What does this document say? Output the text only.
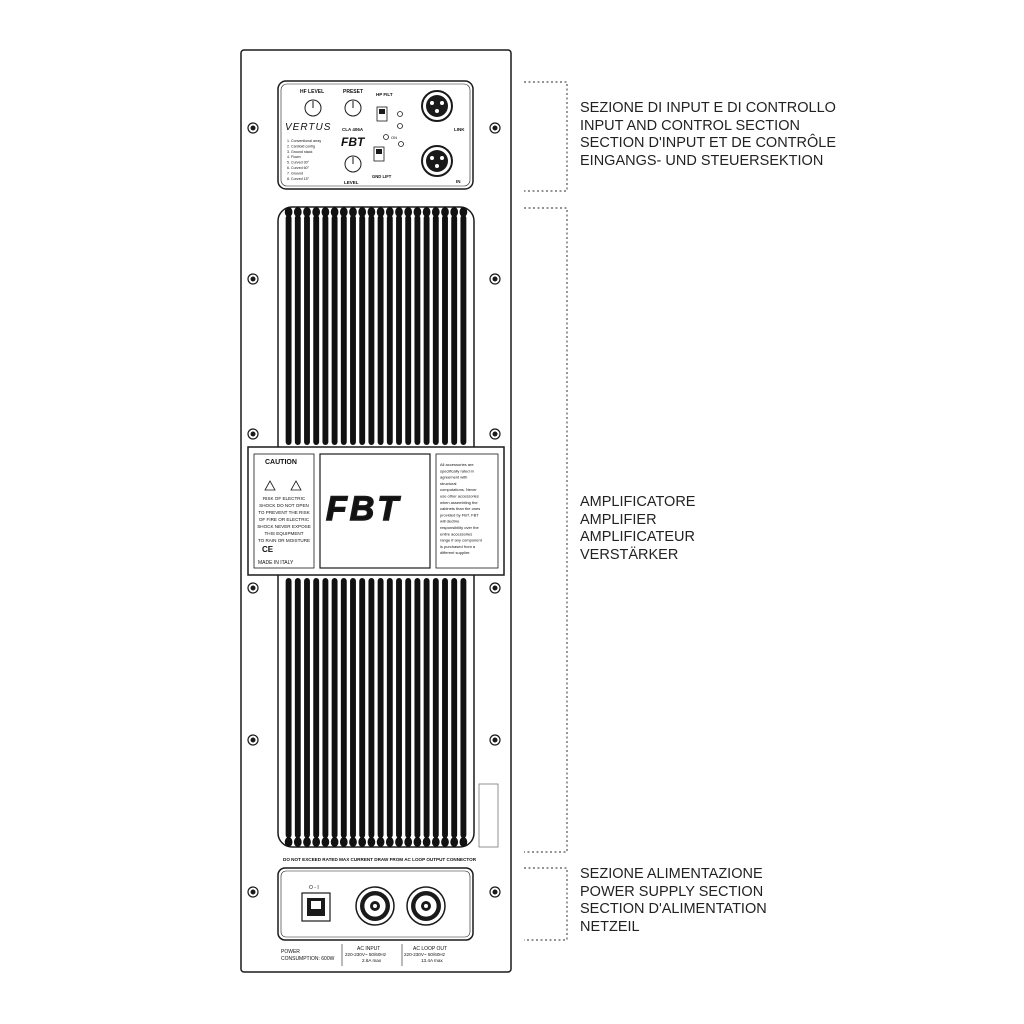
HF LEVEL	PRESET
VERTUS CLA 406A
FBT
1. Conventional array
2. Cardioid config
3. Ground stack
4. Flown
5. Curved 30°
6. Curved 60°
7. Ground
8. Curved 15°
LEVEL
HP FILT
ON
GND LIFT
LINK
IN
CAUTION
RISK OF ELECTRIC
SHOCK DO NOT OPEN
TO PREVENT THE RISK
OF FIRE OR ELECTRIC
SHOCK NEVER EXPOSE
THIS EQUIPMENT
TO RAIN OR MOISTURE
CE
MADE IN ITALY
FBT
All accessories are
specifically rated in
agreement with
structural
computations. Never
use other accessories
when assembling the
cabinets than the ones
provided by FBT. FBT
will decline
responsibility over the
entire accessories
range if any component
is purchased from a
different supplier.
DO NOT EXCEED RATED MAX CURRENT DRAW FROM AC LOOP OUTPUT CONNECTOR
O - I
POWER
CONSUMPTION: 600W
AC INPUT
220-230V~ 50/60Hz
2.6A max
AC LOOP OUT
220-230V~ 50/60Hz
13.4A max
SEZIONE DI INPUT E DI CONTROLLO
INPUT AND CONTROL SECTION
SECTION D'INPUT ET DE CONTRÔLE
EINGANGS- UND STEUERSEKTION
AMPLIFICATORE
AMPLIFIER
AMPLIFICATEUR
VERSTÄRKER
SEZIONE ALIMENTAZIONE
POWER SUPPLY SECTION
SECTION D'ALIMENTATION
NETZEIL
